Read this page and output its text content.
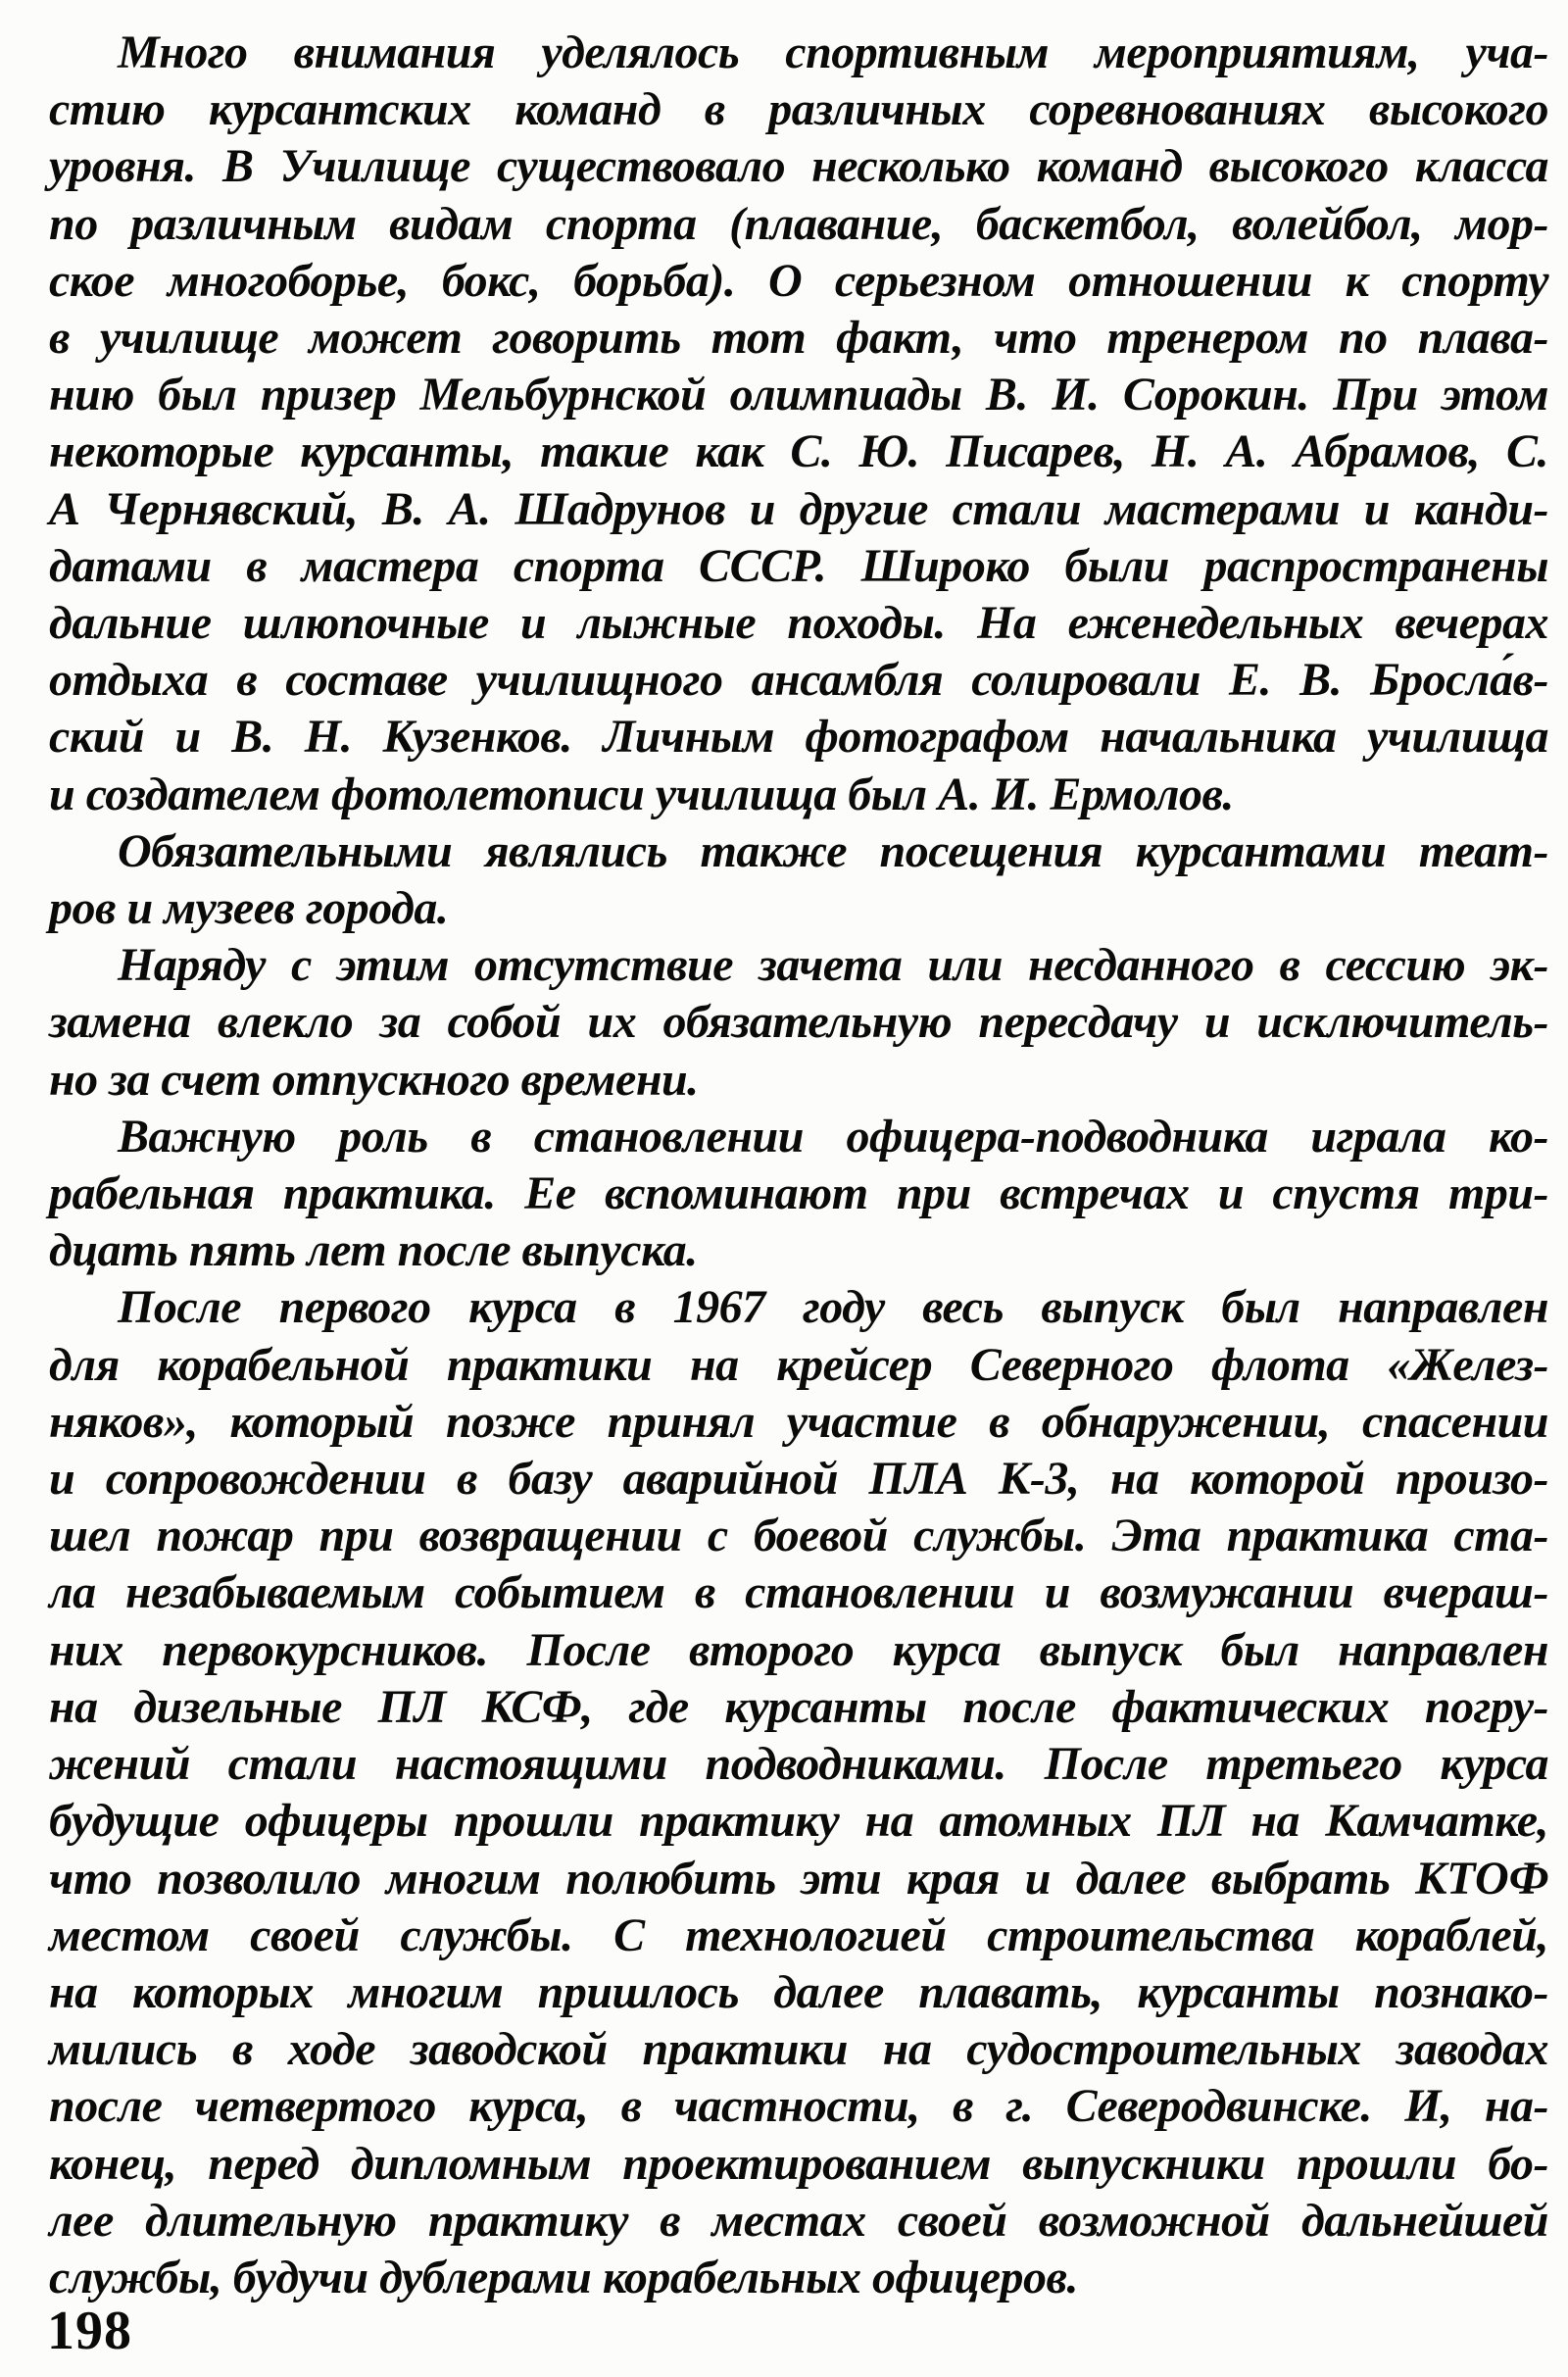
Много внимания уделялось спортивным мероприятиям, уча-
стию курсантских команд в различных соревнованиях высокого
уровня. В Училище существовало несколько команд высокого класса
по различным видам спорта (плавание, баскетбол, волейбол, мор-
ское многоборье, бокс, борьба). О серьезном отношении к спорту
в училище может говорить тот факт, что тренером по плава-
нию был призер Мельбурнской олимпиады В. И. Сорокин. При этом
некоторые курсанты, такие как С. Ю. Писарев, Н. А. Абрамов, С.
А Чернявский, В. А. Шадрунов и другие стали мастерами и канди-
датами в мастера спорта СССР. Широко были распространены
дальние шлюпочные и лыжные походы. На еженедельных вечерах
отдыха в составе училищного ансамбля солировали Е. В. Бросла́в-
ский и В. Н. Кузенков. Личным фотографом начальника училища
и создателем фотолетописи училища был А. И. Ермолов.

Обязательными являлись также посещения курсантами теат-
ров и музеев города.

Наряду с этим отсутствие зачета или несданного в сессию эк-
замена влекло за собой их обязательную пересдачу и исключитель-
но за счет отпускного времени.

Важную роль в становлении офицера-подводника играла ко-
рабельная практика. Ее вспоминают при встречах и спустя три-
дцать пять лет после выпуска.

После первого курса в 1967 году весь выпуск был направлен
для корабельной практики на крейсер Северного флота «Желез-
няков», который позже принял участие в обнаружении, спасении
и сопровождении в базу аварийной ПЛА К-3, на которой произо-
шел пожар при возвращении с боевой службы. Эта практика ста-
ла незабываемым событием в становлении и возмужании вчераш-
них первокурсников. После второго курса выпуск был направлен
на дизельные ПЛ КСФ, где курсанты после фактических погру-
жений стали настоящими подводниками. После третьего курса
будущие офицеры прошли практику на атомных ПЛ на Камчатке,
что позволило многим полюбить эти края и далее выбрать КТОФ
местом своей службы. С технологией строительства кораблей,
на которых многим пришлось далее плавать, курсанты познако-
мились в ходе заводской практики на судостроительных заводах
после четвертого курса, в частности, в г. Северодвинске. И, на-
конец, перед дипломным проектированием выпускники прошли бо-
лее длительную практику в местах своей возможной дальнейшей
службы, будучи дублерами корабельных офицеров.

198
